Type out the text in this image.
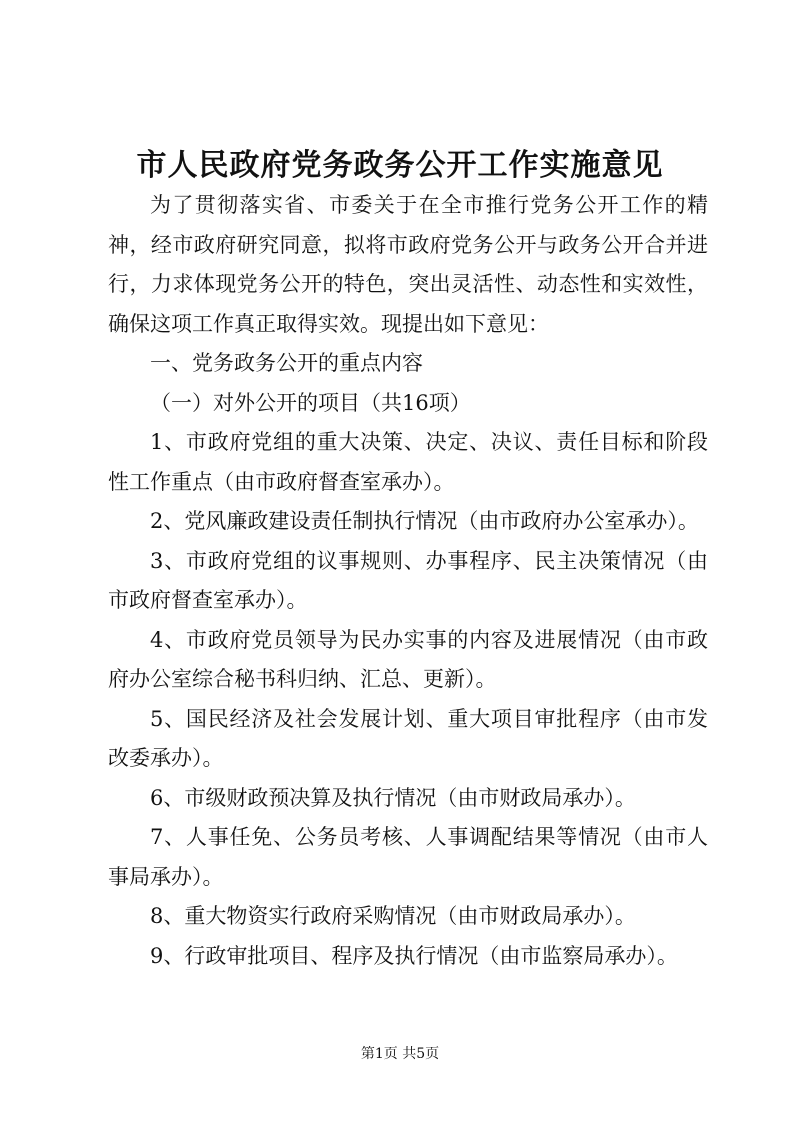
市人民政府党务政务公开工作实施意见

为了贯彻落实省、市委关于在全市推行党务公开工作的精神，经市政府研究同意，拟将市政府党务公开与政务公开合并进行，力求体现党务公开的特色，突出灵活性、动态性和实效性，确保这项工作真正取得实效。现提出如下意见：

一、党务政务公开的重点内容

（一）对外公开的项目（共16项）

1、市政府党组的重大决策、决定、决议、责任目标和阶段性工作重点（由市政府督查室承办）。

2、党风廉政建设责任制执行情况（由市政府办公室承办）。

3、市政府党组的议事规则、办事程序、民主决策情况（由市政府督查室承办）。

4、市政府党员领导为民办实事的内容及进展情况（由市政府办公室综合秘书科归纳、汇总、更新）。

5、国民经济及社会发展计划、重大项目审批程序（由市发改委承办）。

6、市级财政预决算及执行情况（由市财政局承办）。

7、人事任免、公务员考核、人事调配结果等情况（由市人事局承办）。

8、重大物资实行政府采购情况（由市财政局承办）。

9、行政审批项目、程序及执行情况（由市监察局承办）。

第1页 共5页
